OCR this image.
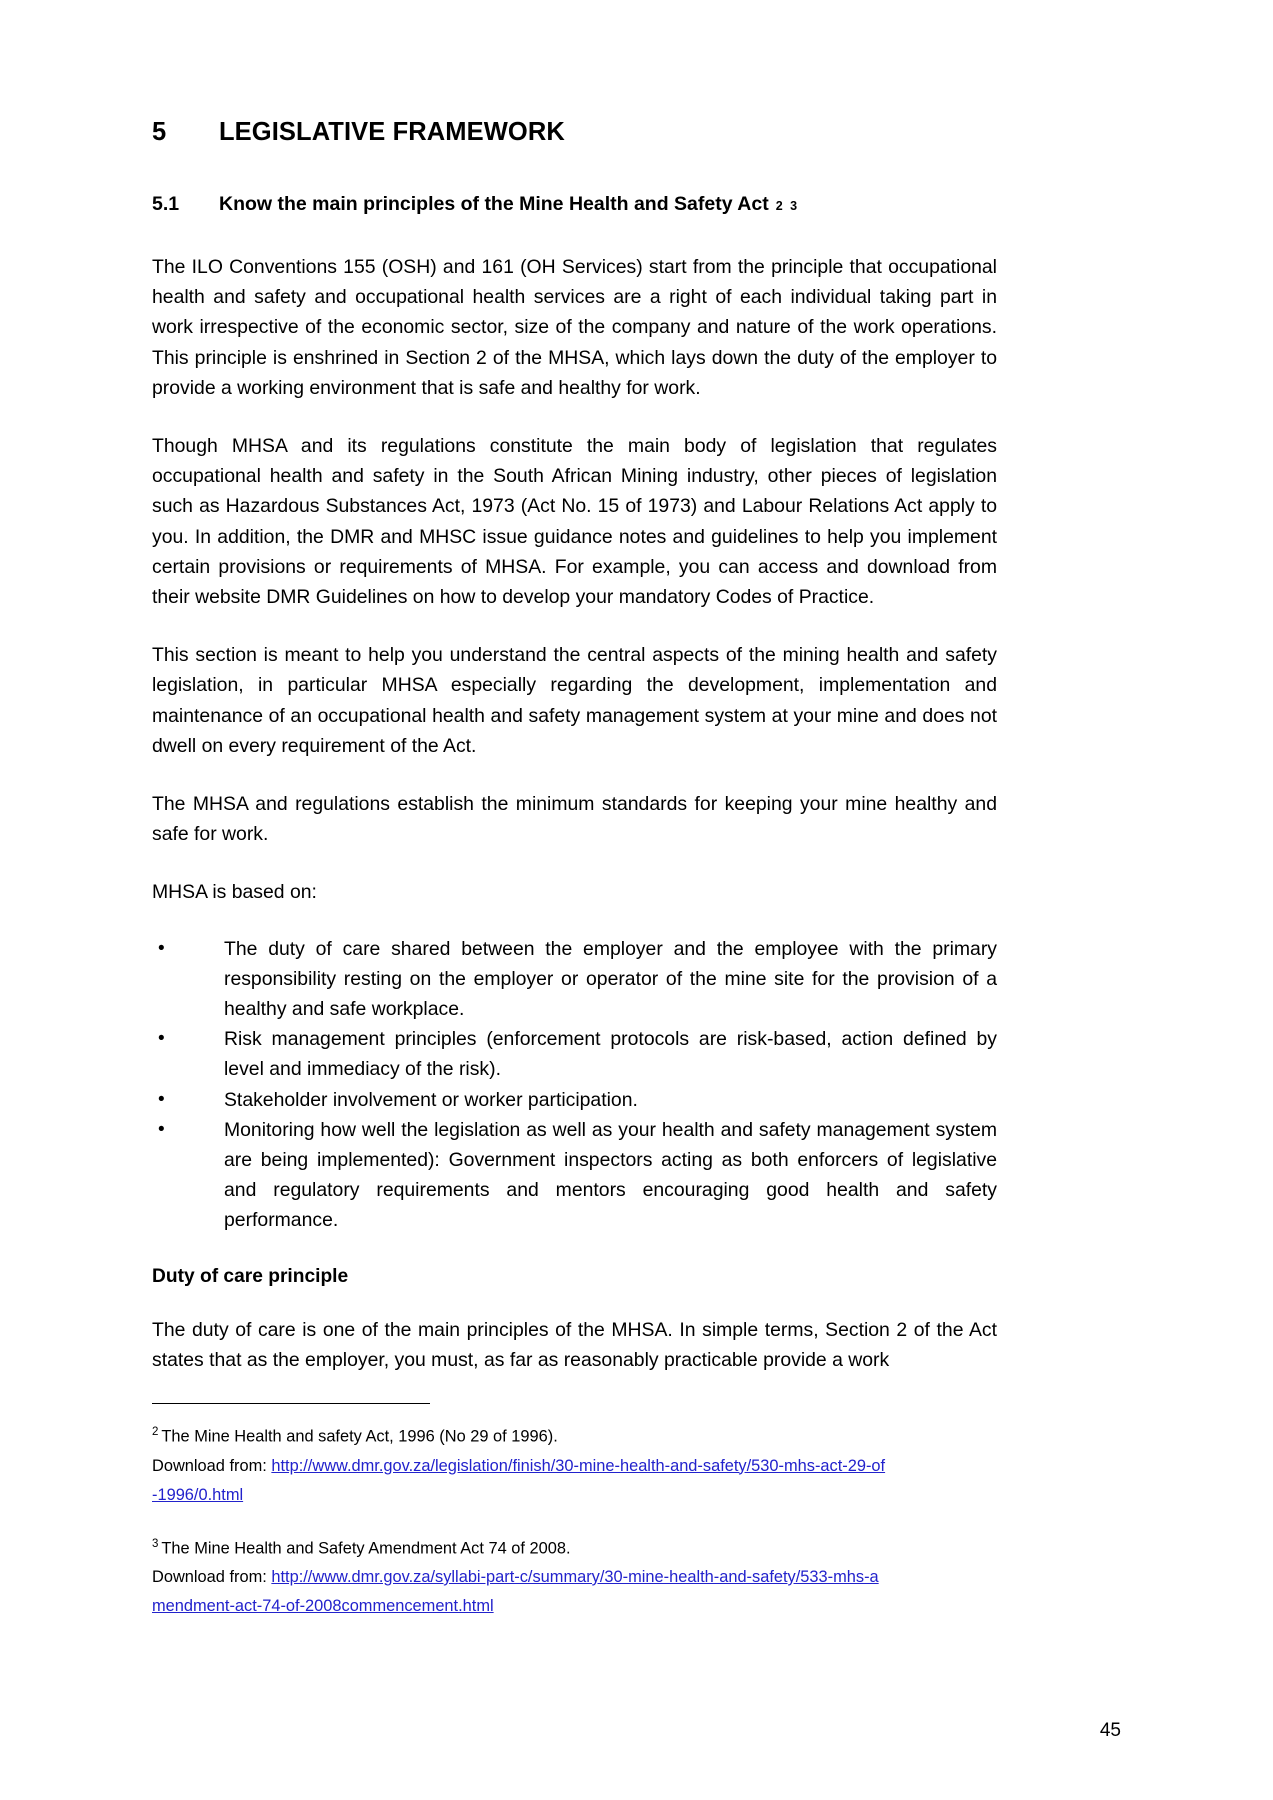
5	LEGISLATIVE FRAMEWORK
5.1	Know the main principles of the Mine Health and Safety Act 2 3

The ILO Conventions 155 (OSH) and 161 (OH Services) start from the principle that occupational health and safety and occupational health services are a right of each individual taking part in work irrespective of the economic sector, size of the company and nature of the work operations. This principle is enshrined in Section 2 of the MHSA, which lays down the duty of the employer to provide a working environment that is safe and healthy for work.

Though MHSA and its regulations constitute the main body of legislation that regulates occupational health and safety in the South African Mining industry, other pieces of legislation such as Hazardous Substances Act, 1973 (Act No. 15 of 1973) and Labour Relations Act apply to you. In addition, the DMR and MHSC issue guidance notes and guidelines to help you implement certain provisions or requirements of MHSA. For example, you can access and download from their website DMR Guidelines on how to develop your mandatory Codes of Practice.

This section is meant to help you understand the central aspects of the mining health and safety legislation, in particular MHSA especially regarding the development, implementation and maintenance of an occupational health and safety management system at your mine and does not dwell on every requirement of the Act.

The MHSA and regulations establish the minimum standards for keeping your mine healthy and safe for work.

MHSA is based on:

•	The duty of care shared between the employer and the employee with the primary responsibility resting on the employer or operator of the mine site for the provision of a healthy and safe workplace.
•	Risk management principles (enforcement protocols are risk-based, action defined by level and immediacy of the risk).
•	Stakeholder involvement or worker participation.
•	Monitoring how well the legislation as well as your health and safety management system are being implemented): Government inspectors acting as both enforcers of legislative and regulatory requirements and mentors encouraging good health and safety performance.
Duty of care principle

The duty of care is one of the main principles of the MHSA. In simple terms, Section 2 of the Act states that as the employer, you must, as far as reasonably practicable provide a work

$^2$ The Mine Health and safety Act, 1996 (No 29 of 1996).
Download from: http://www.dmr.gov.za/legislation/finish/30-mine-health-and-safety/530-mhs-act-29-of
-1996/0.html
$^3$ The Mine Health and Safety Amendment Act 74 of 2008.
Download from: http://www.dmr.gov.za/syllabi-part-c/summary/30-mine-health-and-safety/533-mhs-a
mendment-act-74-of-2008commencement.html
45
